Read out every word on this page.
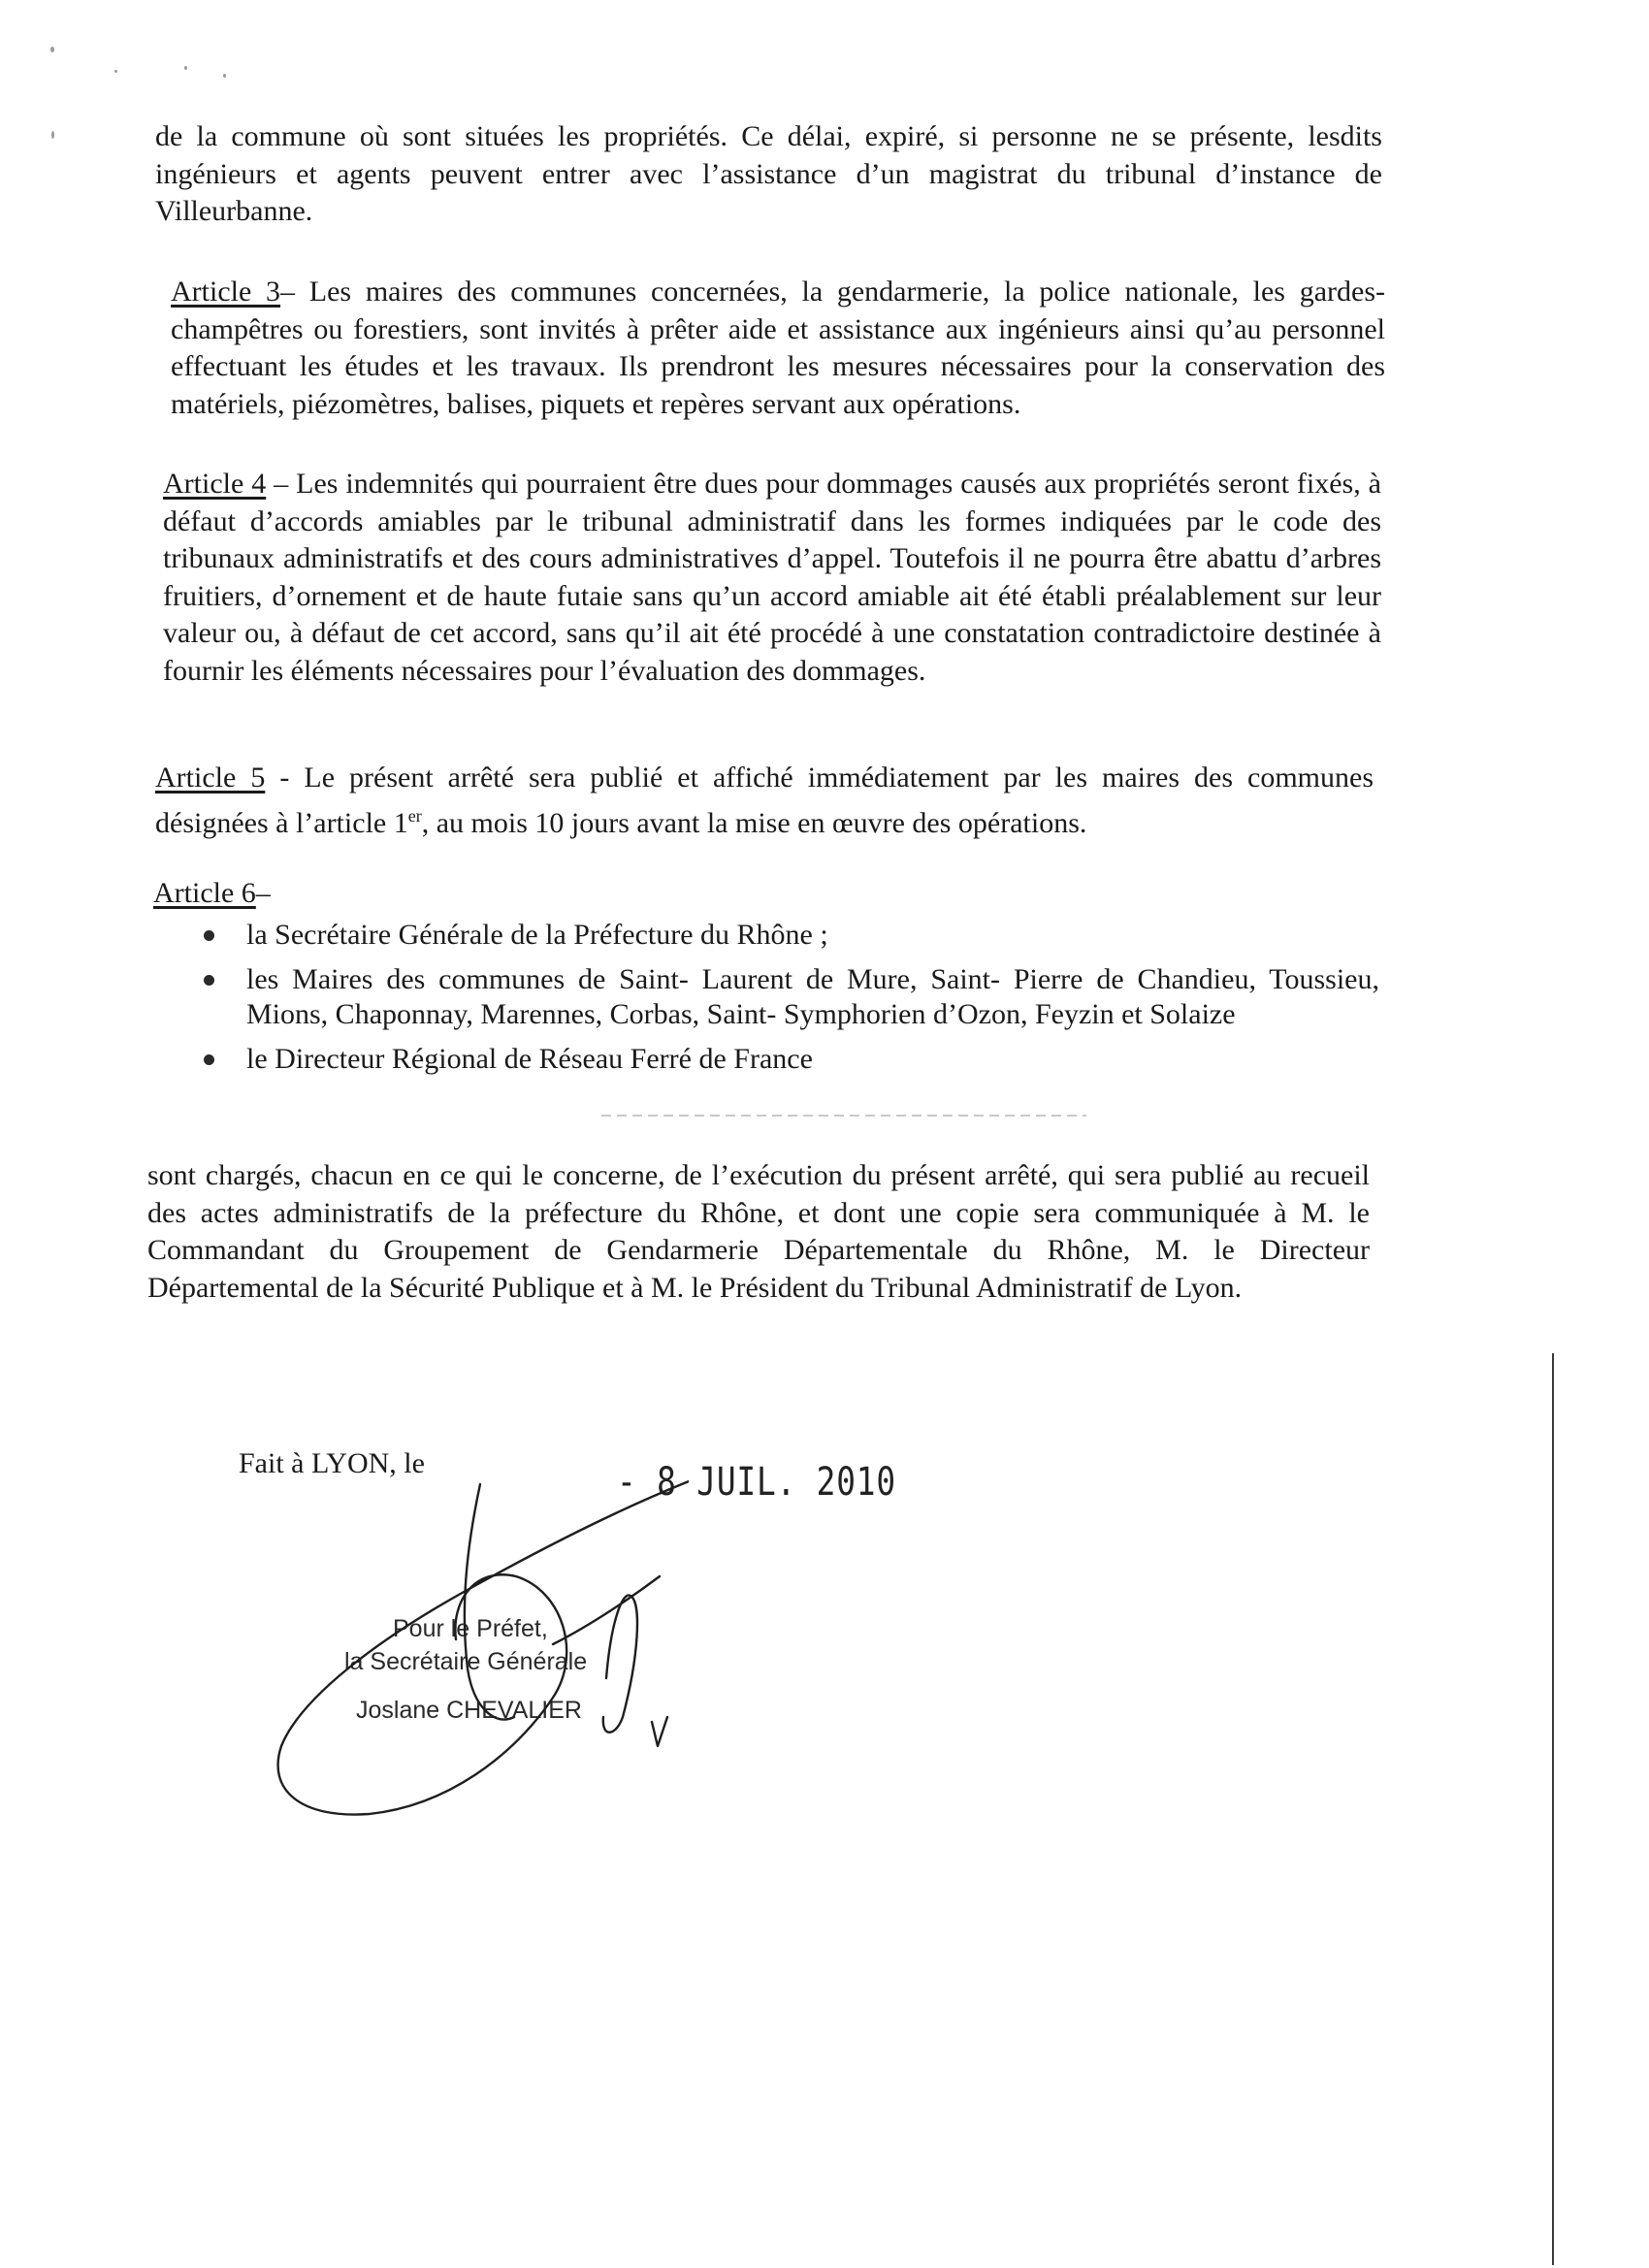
de la commune où sont situées les propriétés. Ce délai, expiré, si personne ne se présente, lesdits ingénieurs et agents peuvent entrer avec l’assistance d’un magistrat du tribunal d’instance de Villeurbanne.

Article 3– Les maires des communes concernées, la gendarmerie, la police nationale, les gardes- champêtres ou forestiers, sont invités à prêter aide et assistance aux ingénieurs ainsi qu’au personnel effectuant les études et les travaux. Ils prendront les mesures nécessaires pour la conservation des matériels, piézomètres, balises, piquets et repères servant aux opérations.

Article 4 – Les indemnités qui pourraient être dues pour dommages causés aux propriétés seront fixés, à défaut d’accords amiables par le tribunal administratif dans les formes indiquées par le code des tribunaux administratifs et des cours administratives d’appel. Toutefois il ne pourra être abattu d’arbres fruitiers, d’ornement et de haute futaie sans qu’un accord amiable ait été établi préalablement sur leur valeur ou, à défaut de cet accord, sans qu’il ait été procédé à une constatation contradictoire destinée à fournir les éléments nécessaires pour l’évaluation des dommages.

Article 5 - Le présent arrêté sera publié et affiché immédiatement par les maires des communes désignées à l’article 1er, au mois 10 jours avant la mise en œuvre des opérations.

Article 6–
la Secrétaire Générale de la Préfecture du Rhône ;
les Maires des communes de Saint- Laurent de Mure, Saint- Pierre de Chandieu, Toussieu, Mions, Chaponnay, Marennes, Corbas, Saint- Symphorien d’Ozon, Feyzin et Solaize
le Directeur Régional de Réseau Ferré de France

sont chargés, chacun en ce qui le concerne, de l’exécution du présent arrêté, qui sera publié au recueil des actes administratifs de la préfecture du Rhône, et dont une copie sera communiquée à M. le Commandant du Groupement de Gendarmerie Départementale du Rhône, M. le Directeur Départemental de la Sécurité Publique et à M. le Président du Tribunal Administratif de Lyon.

Fait à LYON, le	- 8 JUIL. 2010
Pour le Préfet,
la Secrétaire Générale
Joslane CHEVALIER
